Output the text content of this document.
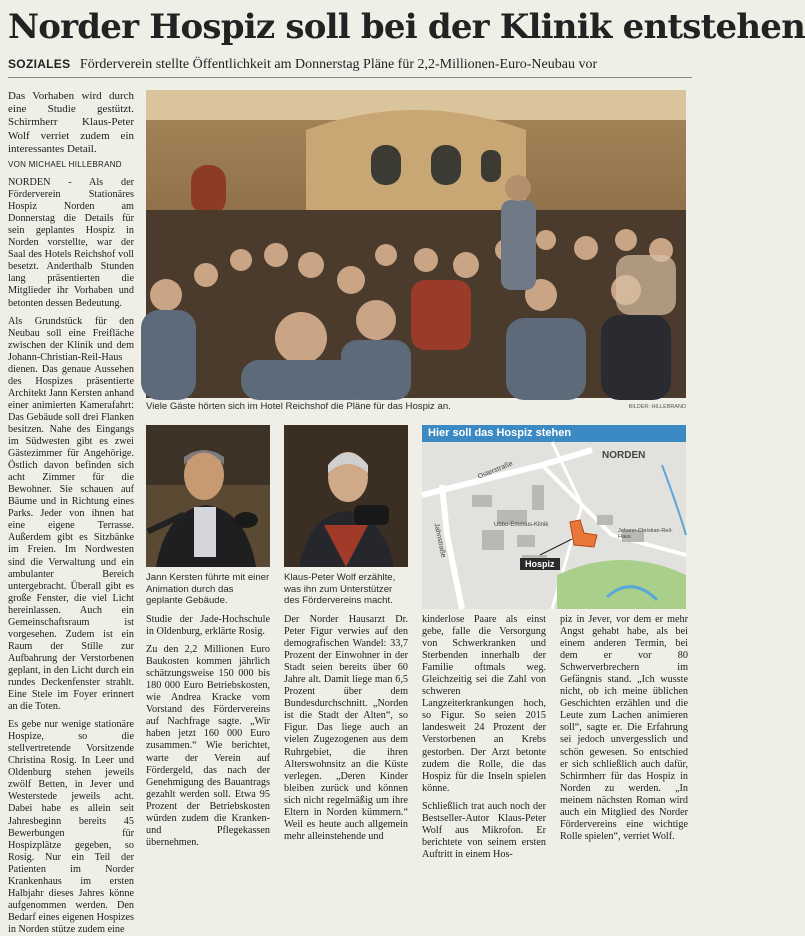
Norder Hospiz soll bei der Klinik entstehen
SOZIALES Förderverein stellte Öffentlichkeit am Donnerstag Pläne für 2,2-Millionen-Euro-Neubau vor

Das Vorhaben wird durch eine Studie gestützt. Schirmherr Klaus-Peter Wolf verriet zudem ein interessantes Detail.

VON MICHAEL HILLEBRAND

NORDEN - Als der Förderverein Stationäres Hospiz Norden am Donnerstag die Details für sein geplantes Hospiz in Norden vorstellte, war der Saal des Hotels Reichshof voll besetzt. Anderthalb Stunden lang präsentierten die Mitglieder ihr Vorhaben und betonten dessen Bedeutung.

Als Grundstück für den Neubau soll eine Freifläche zwischen der Klinik und dem Johann-Christian-Reil-Haus dienen. Das genaue Aussehen des Hospizes präsentierte Architekt Jann Kersten anhand einer animierten Kamerafahrt: Das Gebäude soll drei Flanken besitzen. Nahe des Eingangs im Südwesten gibt es zwei Gästezimmer für Angehörige. Östlich davon befinden sich acht Zimmer für die Bewohner. Sie schauen auf Bäume und in Richtung eines Parks. Jeder von ihnen hat eine eigene Terrasse. Außerdem gibt es Sitzbänke im Freien. Im Nordwesten sind die Verwaltung und ein ambulanter Bereich untergebracht. Überall gibt es große Fenster, die viel Licht hereinlassen. Auch ein Gemeinschaftsraum ist vorgesehen. Zudem ist ein Raum der Stille zur Aufbahrung der Verstorbenen geplant, in den Licht durch ein rundes Deckenfenster strahlt. Eine Stele im Foyer erinnert an die Toten.

Es gebe nur wenige stationäre Hospize, so die stellvertretende Vorsitzende Christina Rosig. In Leer und Oldenburg stehen jeweils zwölf Betten, in Jever und Westerstede jeweils acht. Dabei habe es allein seit Jahresbeginn bereits 45 Bewerbungen für Hospizplätze gegeben, so Rosig. Nur ein Teil der Patienten im Norder Krankenhaus im ersten Halbjahr dieses Jahres könne aufgenommen werden. Den Bedarf eines eigenen Hospizes in Norden stütze zudem eine

Viele Gäste hörten sich im Hotel Reichshof die Pläne für das Hospiz an.	BILDER: HILLEBRAND
Jann Kersten führte mit einer Animation durch das geplante Gebäude.
Klaus-Peter Wolf erzählte, was ihn zum Unterstützer des Fördervereins macht.
Hier soll das Hospiz stehen
NORDEN
Osterstraße
Jahnstraße	Ubbo-Emmius-Klinik
Johann-Christian-Reil-Haus
Hospiz

Studie der Jade-Hochschule in Oldenburg, erklärte Rosig.

Zu den 2,2 Millionen Euro Baukosten kommen jährlich schätzungsweise 150 000 bis 180 000 Euro Betriebskosten, wie Andrea Kracke vom Vorstand des Fördervereins auf Nachfrage sagte. „Wir haben jetzt 160 000 Euro zusammen.“ Wie berichtet, warte der Verein auf Fördergeld, das nach der Genehmigung des Bauantrags gezahlt werden soll. Etwa 95 Prozent der Betriebskosten würden zudem die Kranken- und Pflegekassen übernehmen.

Der Norder Hausarzt Dr. Peter Figur verwies auf den demografischen Wandel: 33,7 Prozent der Einwohner in der Stadt seien bereits über 60 Jahre alt. Damit liege man 6,5 Prozent über dem Bundesdurchschnitt. „Norden ist die Stadt der Alten“, so Figur. Das liege auch an vielen Zugezogenen aus dem Ruhrgebiet, die ihren Alterswohnsitz an die Küste verlegen. „Deren Kinder bleiben zurück und können sich nicht regelmäßig um ihre Eltern in Norden kümmern.“ Weil es heute auch allgemein mehr alleinstehende und

kinderlose Paare als einst gebe, falle die Versorgung von Schwerkranken und Sterbenden innerhalb der Familie oftmals weg. Gleichzeitig sei die Zahl von schweren Langzeiterkrankungen hoch, so Figur. So seien 2015 landesweit 24 Prozent der Verstorbenen an Krebs gestorben. Der Arzt betonte zudem die Rolle, die das Hospiz für die Inseln spielen könne.

Schließlich trat auch noch der Bestseller-Autor Klaus-Peter Wolf aus Mikrofon. Er berichtete von seinem ersten Auftritt in einem Hos-

piz in Jever, vor dem er mehr Angst gehabt habe, als bei einem anderen Termin, bei dem er vor 80 Schwerverbrechern im Gefängnis stand. „Ich wusste nicht, ob ich meine üblichen Geschichten erzählen und die Leute zum Lachen animieren soll“, sagte er. Die Erfahrung sei jedoch unvergesslich und schön gewesen. So entschied er sich schließlich auch dafür, Schirmherr für das Hospiz in Norden zu werden. „In meinem nächsten Roman wird auch ein Mitglied des Norder Fördervereins eine wichtige Rolle spielen“, verriet Wolf.
